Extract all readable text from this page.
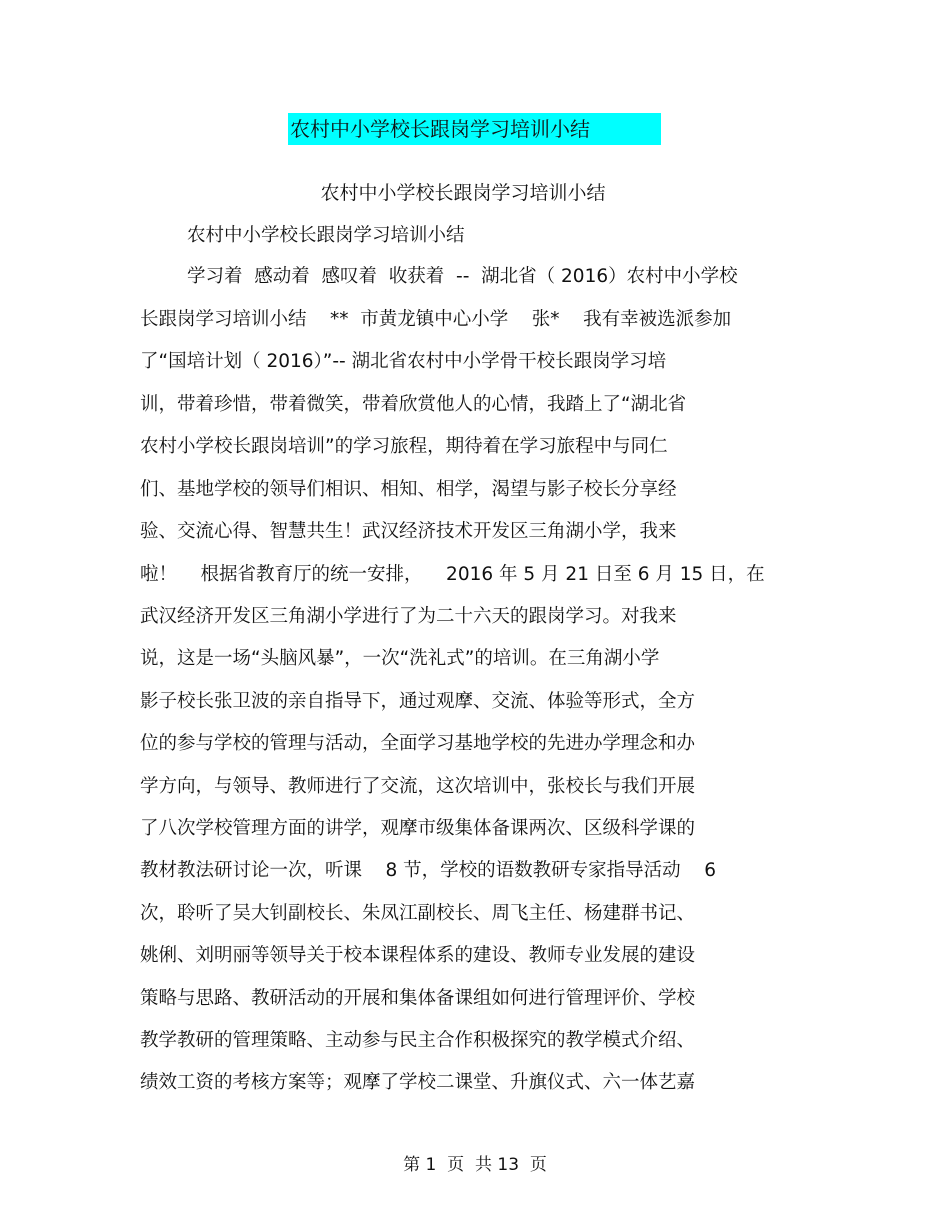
农村中小学校长跟岗学习培训小结
农村中小学校长跟岗学习培训小结
农村中小学校长跟岗学习培训小结
学习着  感动着  感叹着  收获着  --  湖北省（ 2016）农村中小学校
长跟岗学习培训小结    **  市黄龙镇中心小学    张*    我有幸被选派参加
了“国培计划（ 2016）”-- 湖北省农村中小学骨干校长跟岗学习培
训，带着珍惜，带着微笑，带着欣赏他人的心情，我踏上了“湖北省
农村小学校长跟岗培训”的学习旅程，期待着在学习旅程中与同仁
们、基地学校的领导们相识、相知、相学，渴望与影子校长分享经
验、交流心得、智慧共生！武汉经济技术开发区三角湖小学，我来
啦！    根据省教育厅的统一安排，    2016 年 5 月 21 日至 6 月 15 日，在
武汉经济开发区三角湖小学进行了为二十六天的跟岗学习。对我来
说，这是一场“头脑风暴”，一次“洗礼式”的培训。在三角湖小学
影子校长张卫波的亲自指导下，通过观摩、交流、体验等形式，全方
位的参与学校的管理与活动，全面学习基地学校的先进办学理念和办
学方向，与领导、教师进行了交流，这次培训中，张校长与我们开展
了八次学校管理方面的讲学，观摩市级集体备课两次、区级科学课的
教材教法研讨论一次，听课    8 节，学校的语数教研专家指导活动    6
次，聆听了吴大钊副校长、朱凤江副校长、周飞主任、杨建群书记、
姚俐、刘明丽等领导关于校本课程体系的建设、教师专业发展的建设
策略与思路、教研活动的开展和集体备课组如何进行管理评价、学校
教学教研的管理策略、主动参与民主合作积极探究的教学模式介绍、
绩效工资的考核方案等；观摩了学校二课堂、升旗仪式、六一体艺嘉
第 1  页  共 13  页
